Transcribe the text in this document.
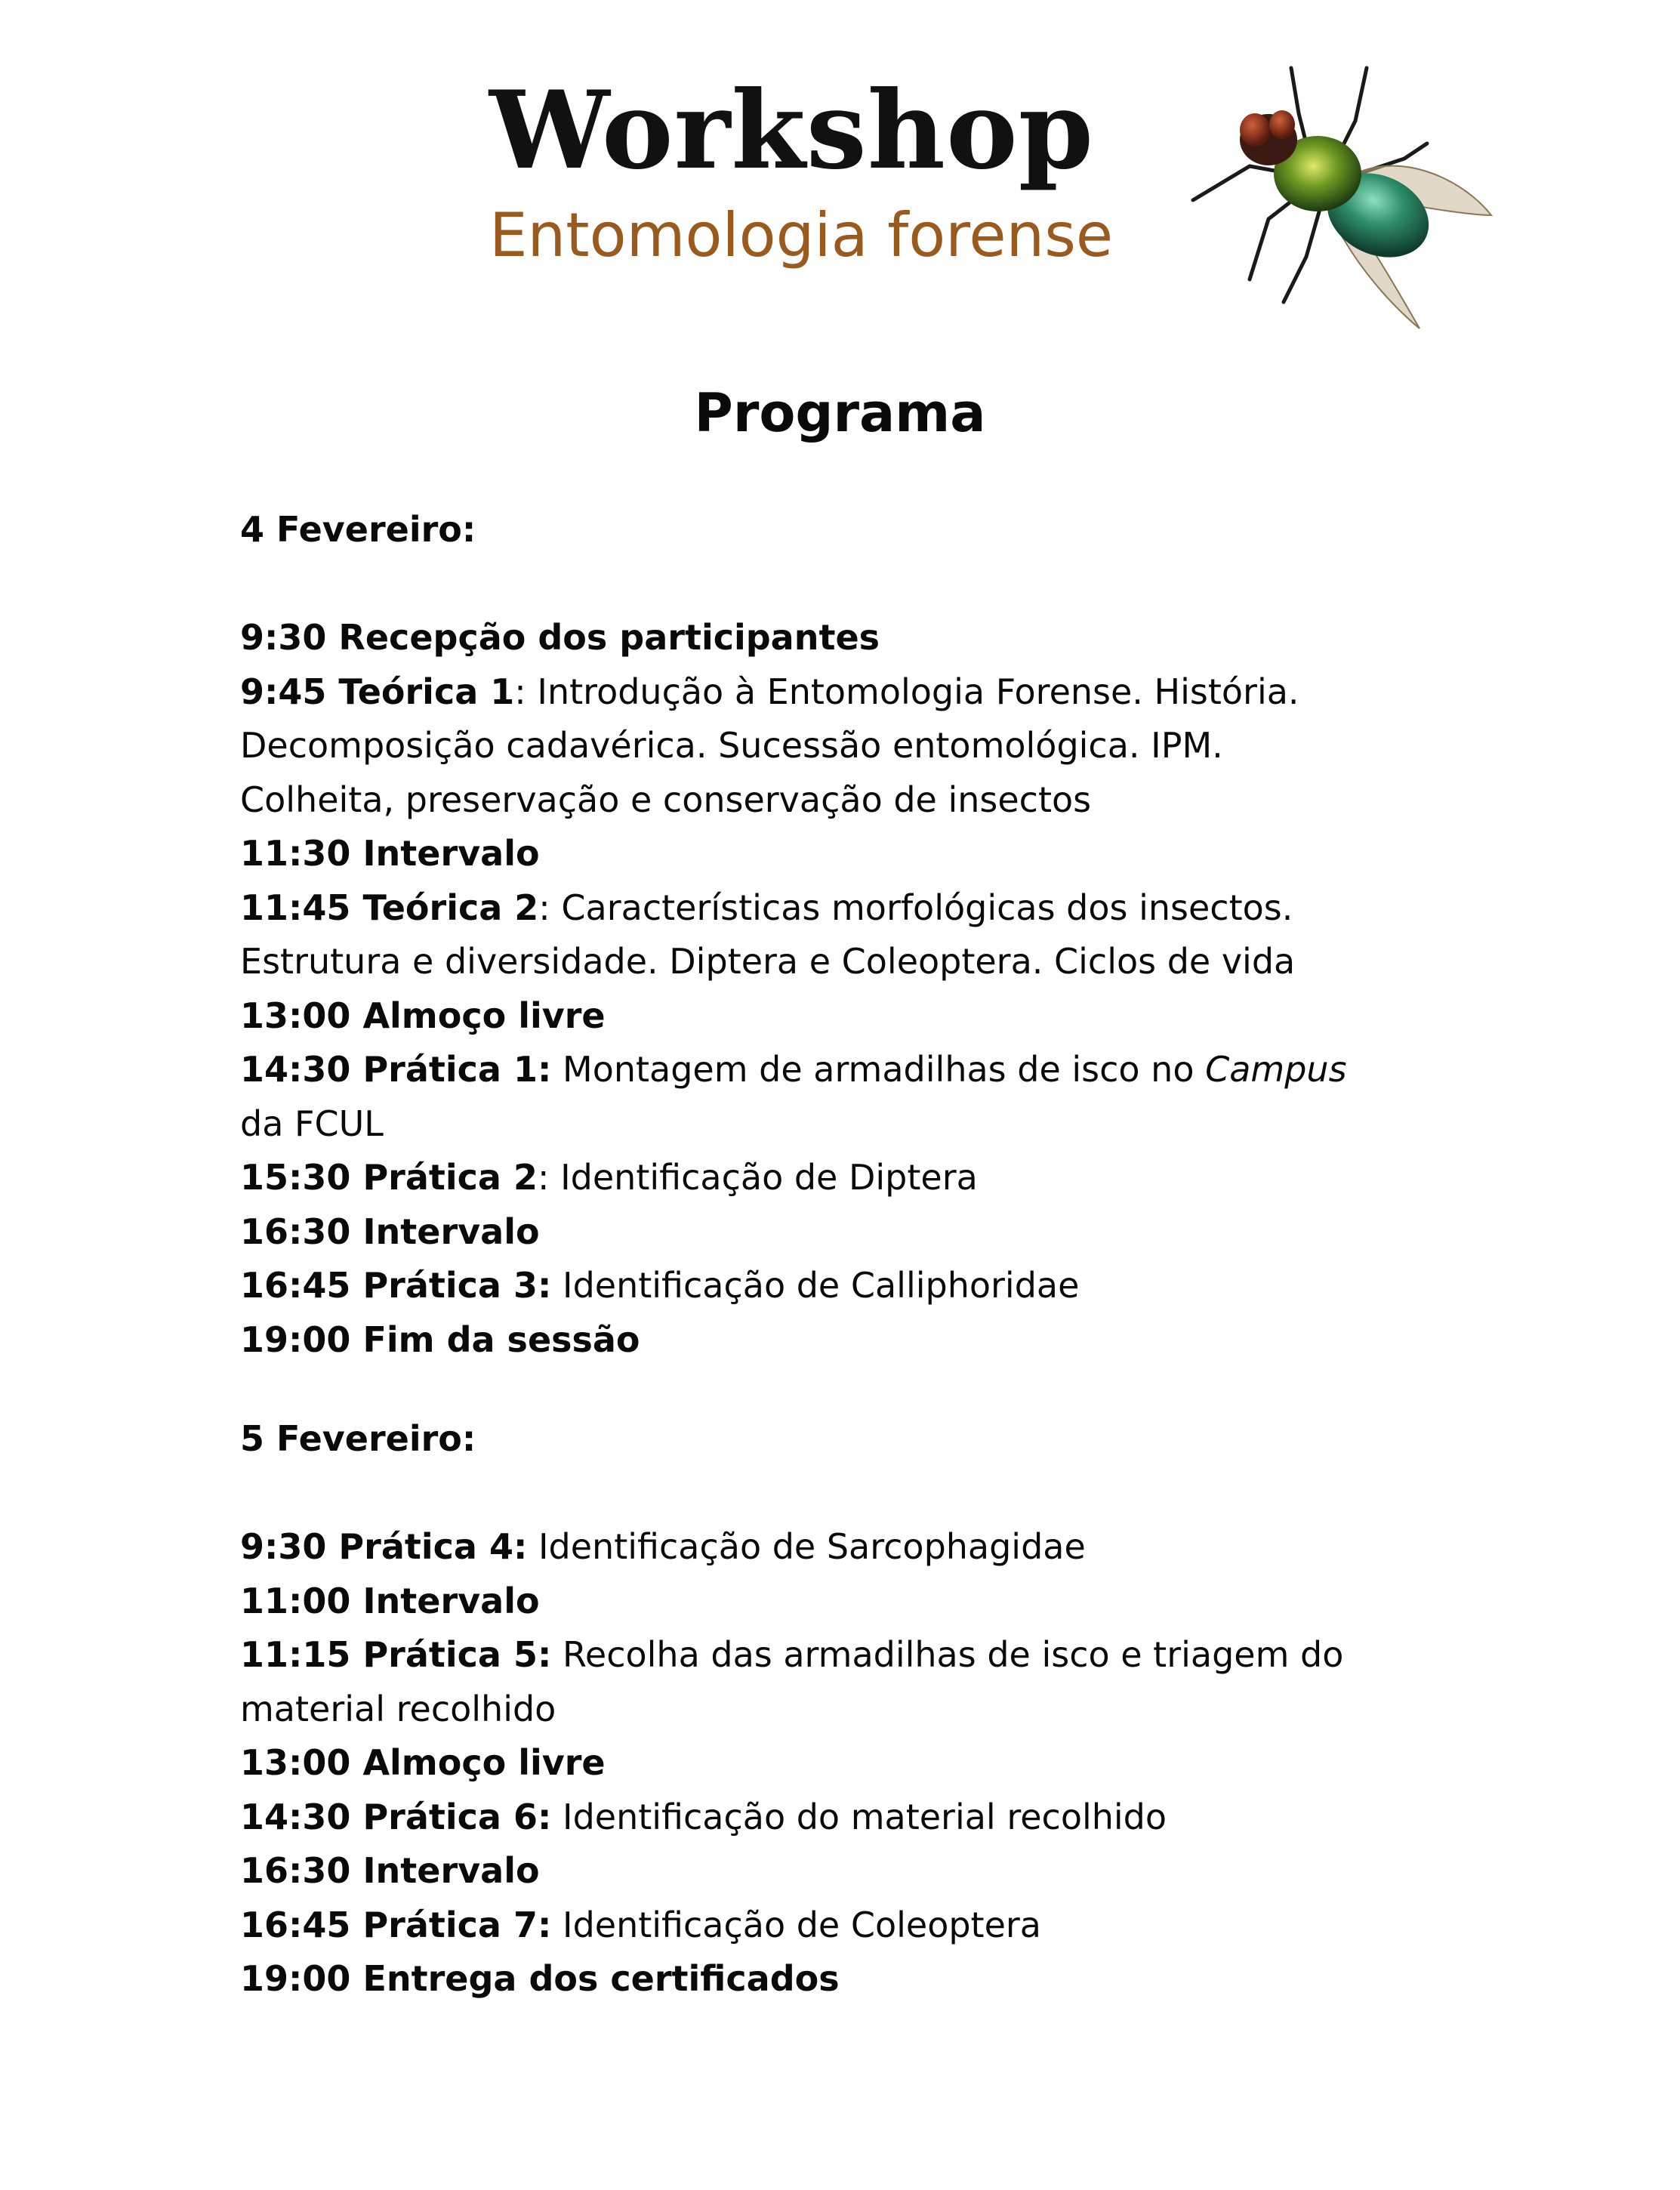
Workshop
Entomologia forense
Programa
4 Fevereiro:
9:30 Recepção dos participantes
9:45 Teórica 1: Introdução à Entomologia Forense. História.
Decomposição cadavérica. Sucessão entomológica. IPM.
Colheita, preservação e conservação de insectos
11:30 Intervalo
11:45 Teórica 2: Características morfológicas dos insectos.
Estrutura e diversidade. Diptera e Coleoptera. Ciclos de vida
13:00 Almoço livre
14:30 Prática 1: Montagem de armadilhas de isco no Campus
da FCUL
15:30 Prática 2: Identificação de Diptera
16:30 Intervalo
16:45 Prática 3: Identificação de Calliphoridae
19:00 Fim da sessão
5 Fevereiro:
9:30 Prática 4: Identificação de Sarcophagidae
11:00 Intervalo
11:15 Prática 5: Recolha das armadilhas de isco e triagem do
material recolhido
13:00 Almoço livre
14:30 Prática 6: Identificação do material recolhido
16:30 Intervalo
16:45 Prática 7: Identificação de Coleoptera
19:00 Entrega dos certificados
